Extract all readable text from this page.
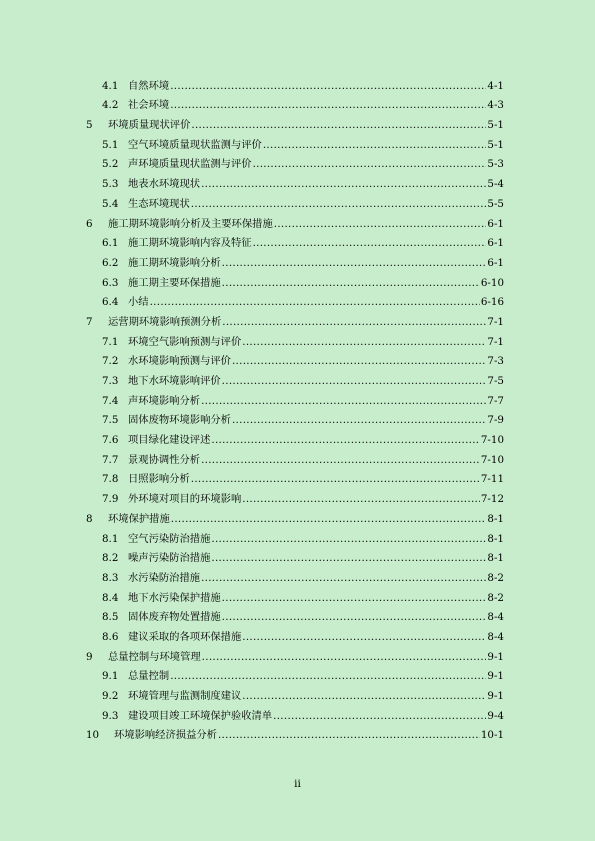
4.1 自然环境 .....	4-1
4.2 社会环境 .....	4-3
5	环境质量现状评价 .....	5-1
5.1 空气环境质量现状监测与评价 .....	5-1
5.2 声环境质量现状监测与评价 .....	5-3
5.3 地表水环境现状 .....	5-4
5.4 生态环境现状 .....	5-5
6	施工期环境影响分析及主要环保措施 .....	6-1
6.1 施工期环境影响内容及特征 .....	6-1
6.2 施工期环境影响分析 .....	6-1
6.3 施工期主要环保措施 .....	6-10
6.4 小结 .....	6-16
7	运营期环境影响预测分析 .....	7-1
7.1 环境空气影响预测与评价 .....	7-1
7.2 水环境影响预测与评价 .....	7-3
7.3 地下水环境影响评价 .....	7-5
7.4 声环境影响分析 .....	7-7
7.5 固体废物环境影响分析 .....	7-9
7.6 项目绿化建设评述 .....	7-10
7.7 景观协调性分析 .....	7-10
7.8 日照影响分析 .....	7-11
7.9 外环境对项目的环境影响 .....	7-12
8	环境保护措施 .....	8-1
8.1 空气污染防治措施 .....	8-1
8.2 噪声污染防治措施 .....	8-1
8.3 水污染防治措施 .....	8-2
8.4 地下水污染保护措施 .....	8-2
8.5 固体废弃物处置措施 .....	8-4
8.6 建议采取的各项环保措施 .....	8-4
9	总量控制与环境管理 .....	9-1
9.1 总量控制 .....	9-1
9.2 环境管理与监测制度建议 .....	9-1
9.3 建设项目竣工环境保护验收清单 .....	9-4
10	环境影响经济损益分析 .....	10-1
ii
